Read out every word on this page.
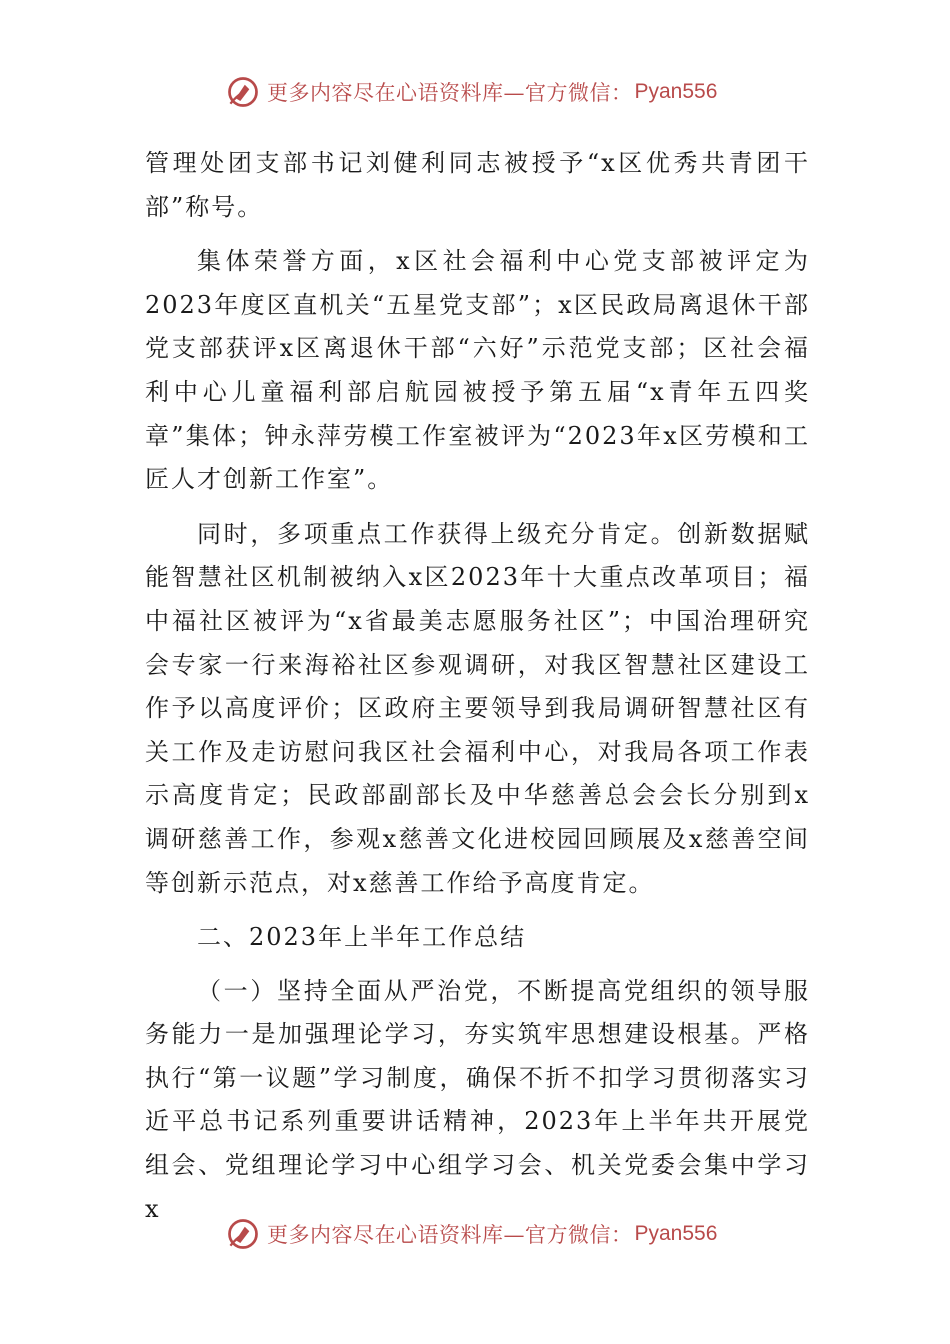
更多内容尽在心语资料库—官方微信： Pyan556

管理处团支部书记刘健利同志被授予“x区优秀共青团干部”称号。

集体荣誉方面，x区社会福利中心党支部被评定为2023年度区直机关“五星党支部”；x区民政局离退休干部党支部获评x区离退休干部“六好”示范党支部；区社会福利中心儿童福利部启航园被授予第五届“x青年五四奖章”集体；钟永萍劳模工作室被评为“2023年x区劳模和工匠人才创新工作室”。

同时，多项重点工作获得上级充分肯定。创新数据赋能智慧社区机制被纳入x区2023年十大重点改革项目；福中福社区被评为“x省最美志愿服务社区”；中国治理研究会专家一行来海裕社区参观调研，对我区智慧社区建设工作予以高度评价；区政府主要领导到我局调研智慧社区有关工作及走访慰问我区社会福利中心，对我局各项工作表示高度肯定；民政部副部长及中华慈善总会会长分别到x调研慈善工作，参观x慈善文化进校园回顾展及x慈善空间等创新示范点，对x慈善工作给予高度肯定。

二、2023年上半年工作总结

（一）坚持全面从严治党，不断提高党组织的领导服务能力一是加强理论学习，夯实筑牢思想建设根基。严格执行“第一议题”学习制度，确保不折不扣学习贯彻落实习近平总书记系列重要讲话精神，2023年上半年共开展党组会、党组理论学习中心组学习会、机关党委会集中学习x

更多内容尽在心语资料库—官方微信： Pyan556
